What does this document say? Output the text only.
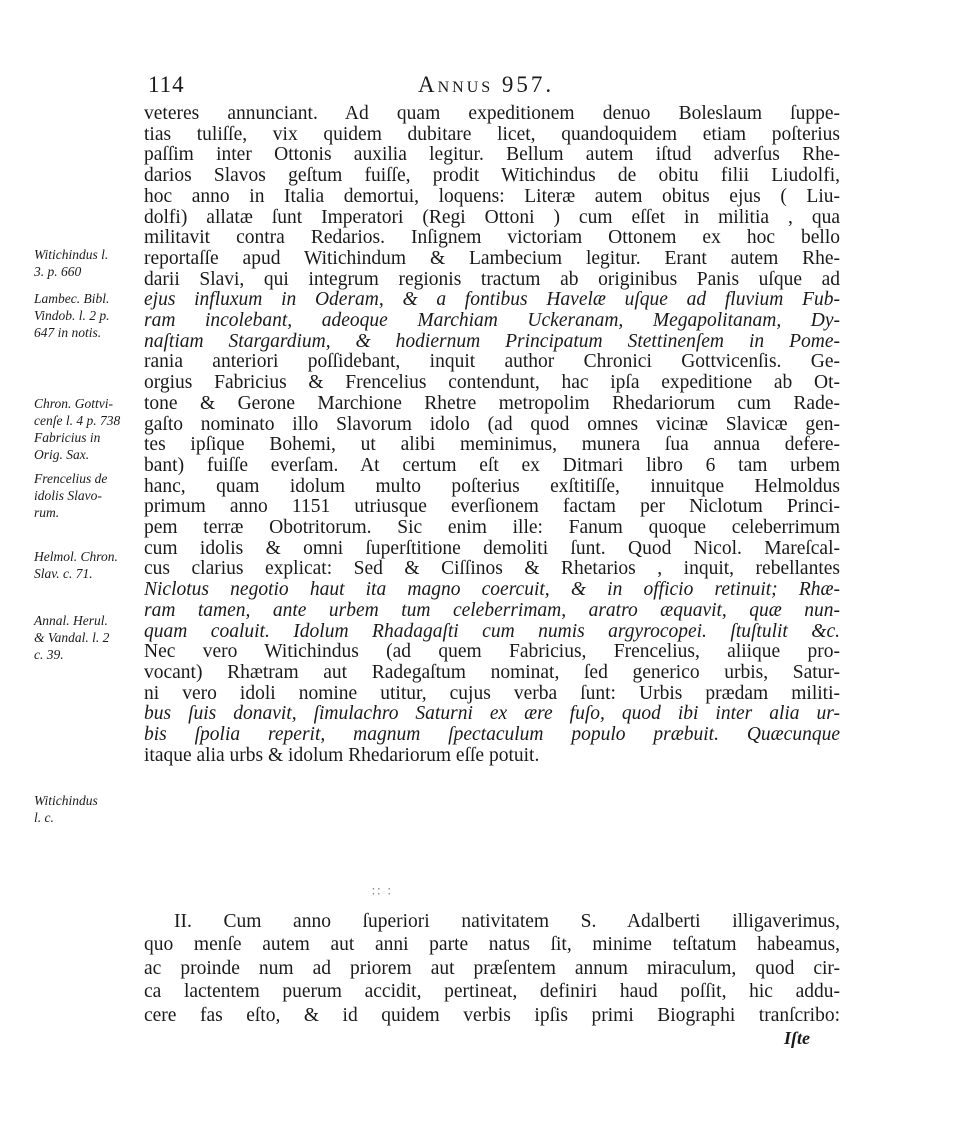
114	Annus 957.
veteres annunciant. Ad quam expeditionem denuo Boleslaum ſuppe-
tias tuliſſe, vix quidem dubitare licet, quandoquidem etiam poſterius
paſſim inter Ottonis auxilia legitur. Bellum autem iſtud adverſus Rhe-
darios Slavos geſtum fuiſſe, prodit Witichindus de obitu filii Liudolfi,
hoc anno in Italia demortui, loquens: Literæ autem obitus ejus ( Liu-
dolfi) allatæ ſunt Imperatori (Regi Ottoni ) cum eſſet in militia , qua
militavit contra Redarios. Inſignem victoriam Ottonem ex hoc bello
reportaſſe apud Witichindum & Lambecium legitur. Erant autem Rhe-
darii Slavi, qui integrum regionis tractum ab originibus Panis uſque ad
ejus influxum in Oderam, & a fontibus Havelæ uſque ad fluvium Fub-
ram incolebant, adeoque Marchiam Uckeranam, Megapolitanam, Dy-
naſtiam Stargardium, & hodiernum Principatum Stettinenſem in Pome-
rania anteriori poſſidebant, inquit author Chronici Gottvicenſis. Ge-
orgius Fabricius & Frencelius contendunt, hac ipſa expeditione ab Ot-
tone & Gerone Marchione Rhetre metropolim Rhedariorum cum Rade-
gaſto nominato illo Slavorum idolo (ad quod omnes vicinæ Slavicæ gen-
tes ipſique Bohemi, ut alibi meminimus, munera ſua annua defere-
bant) fuiſſe everſam. At certum eſt ex Ditmari libro 6 tam urbem
hanc, quam idolum multo poſterius exſtitiſſe, innuitque Helmoldus
primum anno 1151 utriusque everſionem factam per Niclotum Princi-
pem terræ Obotritorum. Sic enim ille: Fanum quoque celeberrimum
cum idolis & omni ſuperſtitione demoliti ſunt. Quod Nicol. Mareſcal-
cus clarius explicat: Sed & Ciſſinos & Rhetarios , inquit, rebellantes
Niclotus negotio haut ita magno coercuit, & in officio retinuit; Rhæ-
ram tamen, ante urbem tum celeberrimam, aratro æquavit, quæ nun-
quam coaluit. Idolum Rhadagaſti cum numis argyrocopei. ſtuſtulit &c.
Nec vero Witichindus (ad quem Fabricius, Frencelius, aliique pro-
vocant) Rhætram aut Radegaſtum nominat, ſed generico urbis, Satur-
ni vero idoli nomine utitur, cujus verba ſunt: Urbis prædam militi-
bus ſuis donavit, ſimulachro Saturni ex ære fuſo, quod ibi inter alia ur-
bis ſpolia reperit, magnum ſpectaculum populo præbuit. Quæcunque
itaque alia urbs & idolum Rhedariorum eſſe potuit.
∷ ∶
II. Cum anno ſuperiori nativitatem S. Adalberti illigaverimus,
quo menſe autem aut anni parte natus ſit, minime teſtatum habeamus,
ac proinde num ad priorem aut præſentem annum miraculum, quod cir-
ca lactentem puerum accidit, pertineat, definiri haud poſſit, hic addu-
cere fas eſto, & id quidem verbis ipſis primi Biographi tranſcribo:
Iſte
Witichindus l.
3. p. 660
Lambec. Bibl.
Vindob. l. 2 p.
647 in notis.
Chron. Gottvi-
cenſe l. 4 p. 738
Fabricius in
Orig. Sax.
Frencelius de
idolis Slavo-
rum.
Helmol. Chron.
Slav. c. 71.
Annal. Herul.
& Vandal. l. 2
c. 39.
Witichindus
l. c.
